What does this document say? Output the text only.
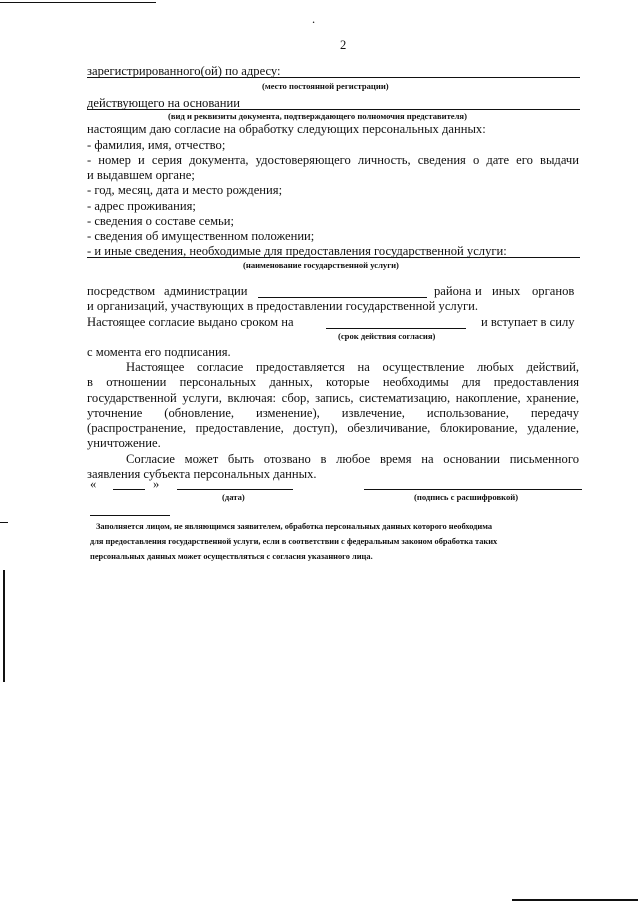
.
2
зарегистрированного(ой) по адресу:
(место постоянной регистрации)
действующего на основании
(вид и реквизиты документа, подтверждающего полномочия представителя)
настоящим даю согласие на обработку следующих персональных данных:
- фамилия, имя, отчество;
- номер и серия документа, удостоверяющего личность, сведения о дате его выдачи
и выдавшем органе;
- год, месяц, дата и место рождения;
- адрес проживания;
- сведения о составе семьи;
- сведения об имущественном положении;
- и иные сведения, необходимые для предоставления государственной услуги:
(наименование государственной услуги)
посредством администрации	района и иных органов
и организаций, участвующих в предоставлении государственной услуги.
Настоящее согласие выдано сроком на	и вступает в силу
(срок действия согласия)
с момента его подписания.
Настоящее согласие предоставляется на осуществление любых действий,
в отношении персональных данных, которые необходимы для предоставления
государственной услуги, включая: сбор, запись, систематизацию, накопление, хранение,
уточнение (обновление, изменение), извлечение, использование, передачу
(распространение, предоставление, доступ), обезличивание, блокирование, удаление,
уничтожение.
Согласие может быть отозвано в любое время на основании письменного
заявления субъекта персональных данных.
«	»
(дата)	(подпись с расшифровкой)
Заполняется лицом, не являющимся заявителем, обработка персональных данных которого необходима
для предоставления государственной услуги, если в соответствии с федеральным законом обработка таких
персональных данных может осуществляться с согласия указанного лица.
